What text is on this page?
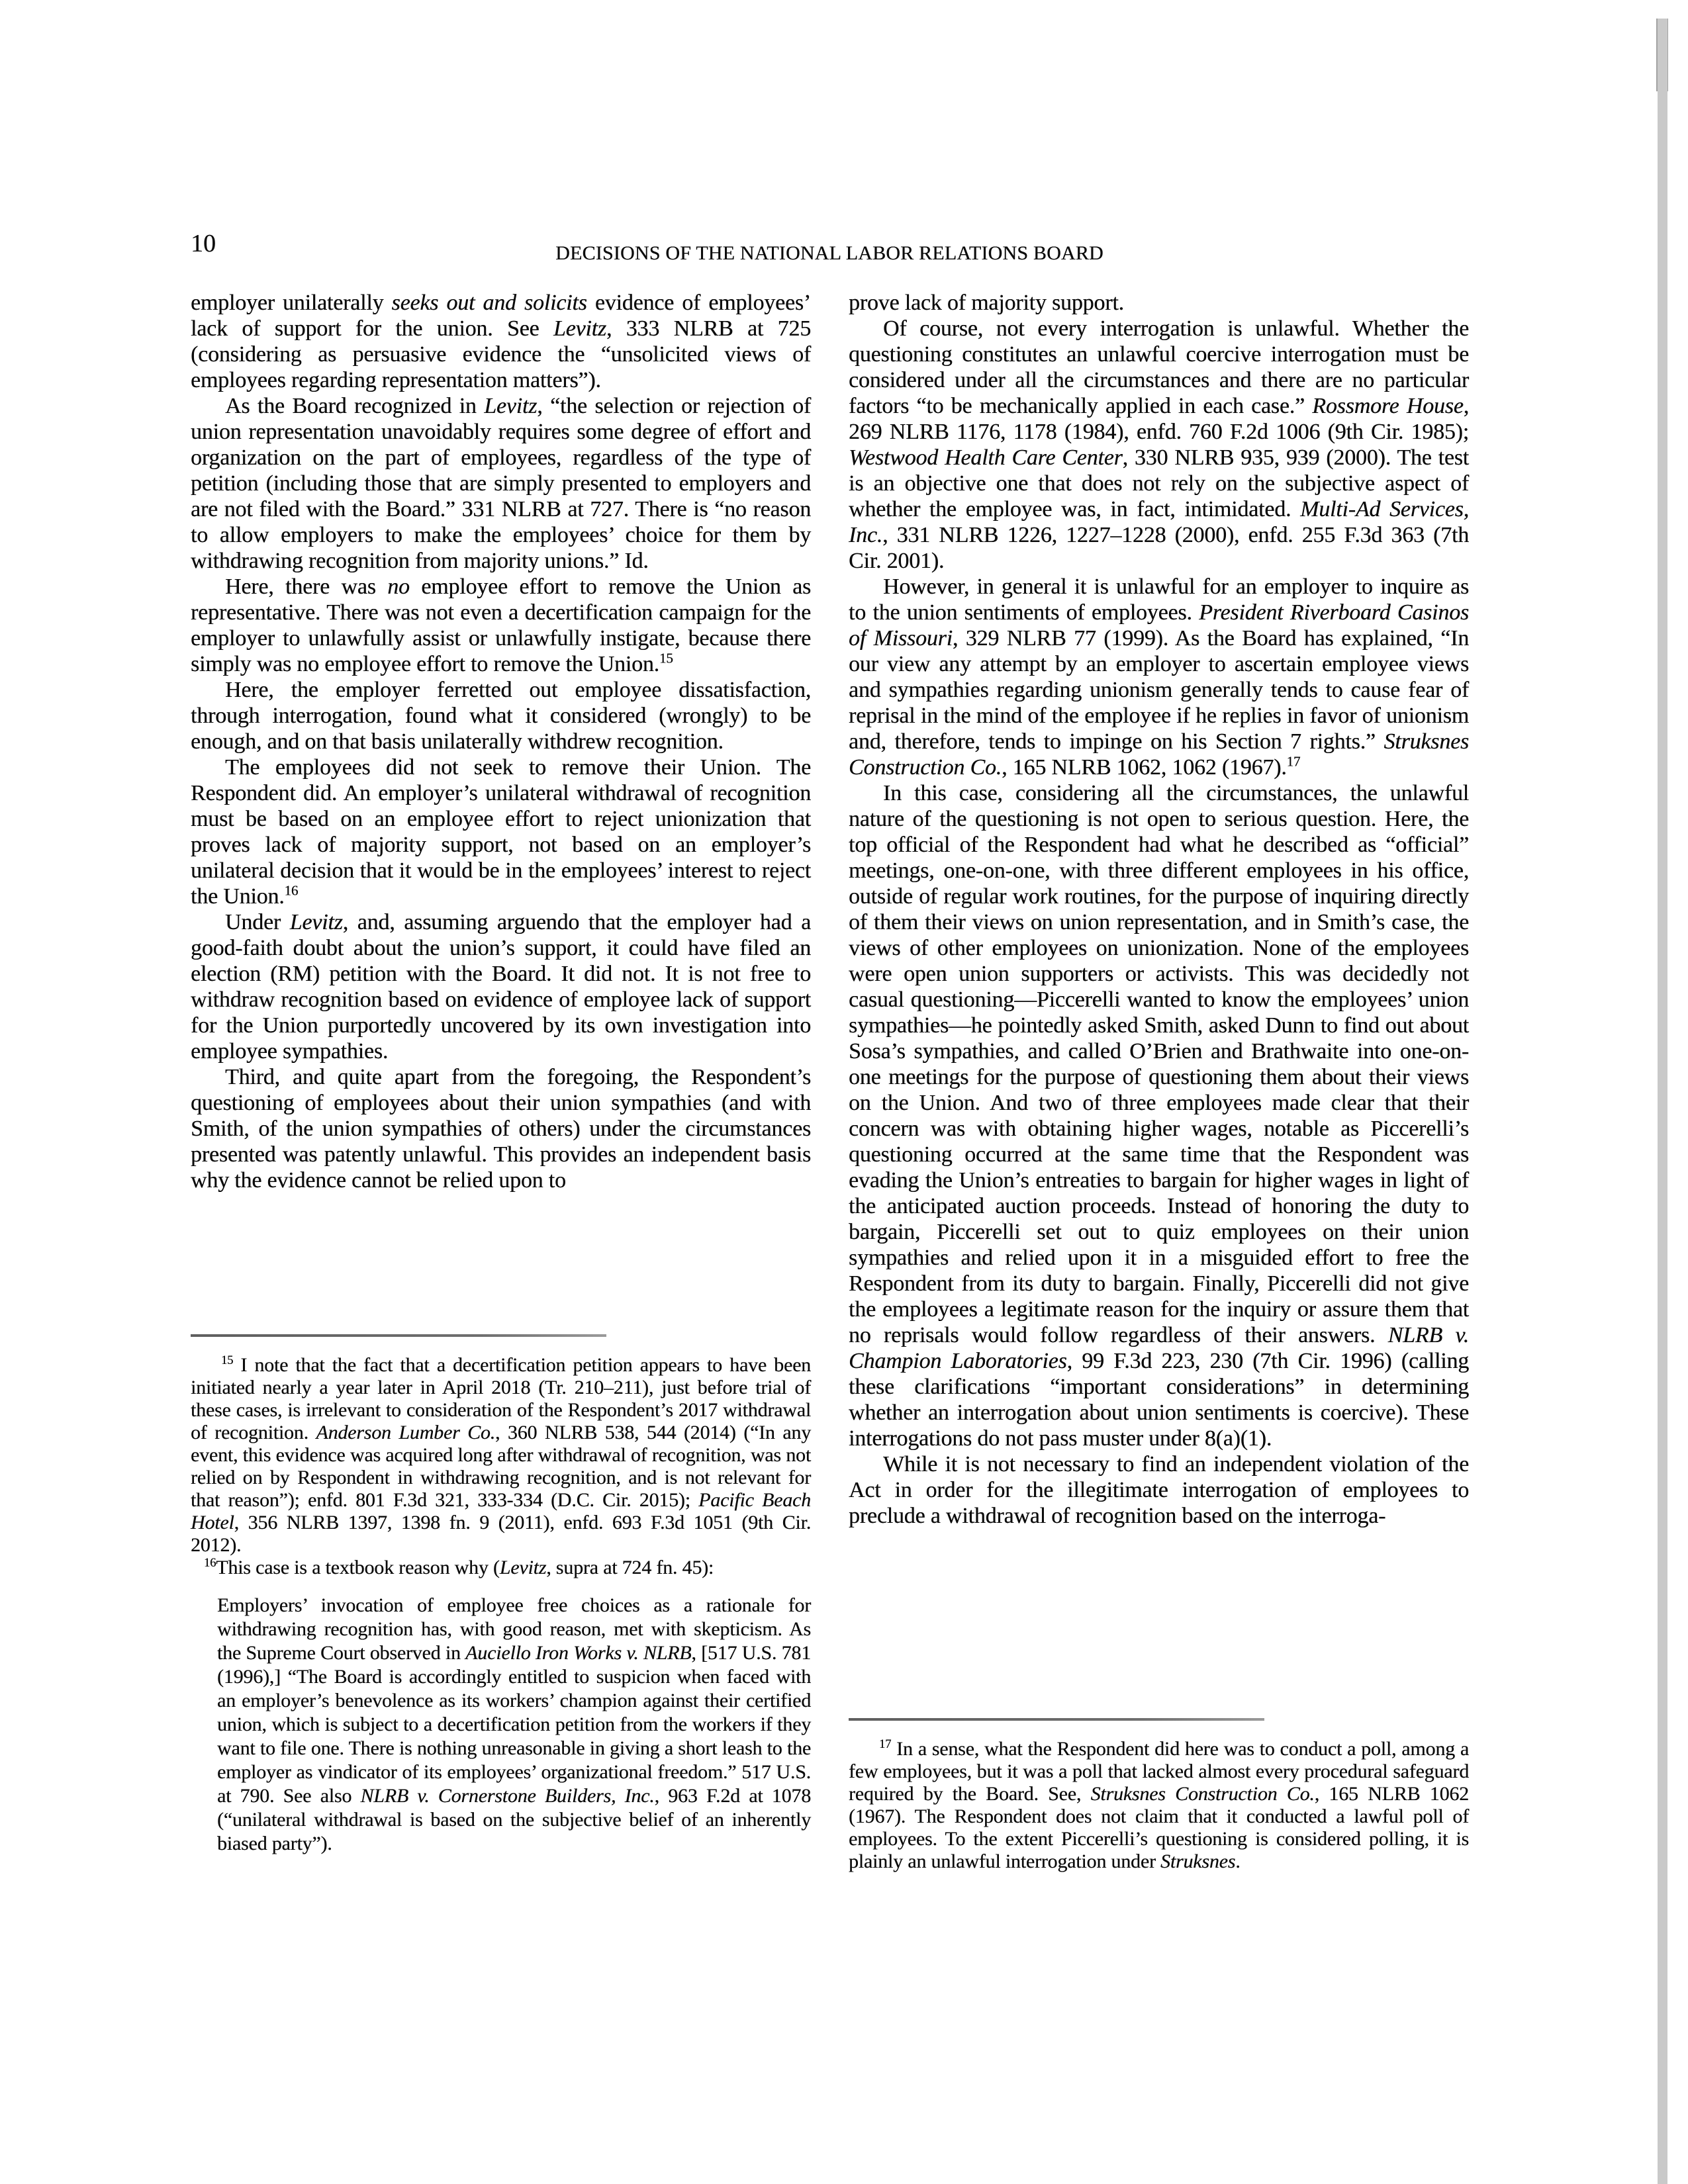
10	DECISIONS OF THE NATIONAL LABOR RELATIONS BOARD

employer unilaterally seeks out and solicits evidence of employees’ lack of support for the union. See Levitz, 333 NLRB at 725 (considering as persuasive evidence the “unsolicited views of employees regarding representation matters”).

As the Board recognized in Levitz, “the selection or rejection of union representation unavoidably requires some degree of effort and organization on the part of employees, regardless of the type of petition (including those that are simply presented to employers and are not filed with the Board.” 331 NLRB at 727. There is “no reason to allow employers to make the employees’ choice for them by withdrawing recognition from majority unions.” Id.

Here, there was no employee effort to remove the Union as representative. There was not even a decertification campaign for the employer to unlawfully assist or unlawfully instigate, because there simply was no employee effort to remove the Union.$^{15}$

Here, the employer ferretted out employee dissatisfaction, through interrogation, found what it considered (wrongly) to be enough, and on that basis unilaterally withdrew recognition.

The employees did not seek to remove their Union. The Respondent did. An employer’s unilateral withdrawal of recognition must be based on an employee effort to reject unionization that proves lack of majority support, not based on an employer’s unilateral decision that it would be in the employees’ interest to reject the Union.$^{16}$

Under Levitz, and, assuming arguendo that the employer had a good-faith doubt about the union’s support, it could have filed an election (RM) petition with the Board. It did not. It is not free to withdraw recognition based on evidence of employee lack of support for the Union purportedly uncovered by its own investigation into employee sympathies.

Third, and quite apart from the foregoing, the Respondent’s questioning of employees about their union sympathies (and with Smith, of the union sympathies of others) under the circumstances presented was patently unlawful. This provides an independent basis why the evidence cannot be relied upon to

prove lack of majority support.

Of course, not every interrogation is unlawful. Whether the questioning constitutes an unlawful coercive interrogation must be considered under all the circumstances and there are no particular factors “to be mechanically applied in each case.” Rossmore House, 269 NLRB 1176, 1178 (1984), enfd. 760 F.2d 1006 (9th Cir. 1985); Westwood Health Care Center, 330 NLRB 935, 939 (2000). The test is an objective one that does not rely on the subjective aspect of whether the employee was, in fact, intimidated. Multi-Ad Services, Inc., 331 NLRB 1226, 1227–1228 (2000), enfd. 255 F.3d 363 (7th Cir. 2001).

However, in general it is unlawful for an employer to inquire as to the union sentiments of employees. President Riverboard Casinos of Missouri, 329 NLRB 77 (1999). As the Board has explained, “In our view any attempt by an employer to ascertain employee views and sympathies regarding unionism generally tends to cause fear of reprisal in the mind of the employee if he replies in favor of unionism and, therefore, tends to impinge on his Section 7 rights.” Struksnes Construction Co., 165 NLRB 1062, 1062 (1967).$^{17}$

In this case, considering all the circumstances, the unlawful nature of the questioning is not open to serious question. Here, the top official of the Respondent had what he described as “official” meetings, one-on-one, with three different employees in his office, outside of regular work routines, for the purpose of inquiring directly of them their views on union representation, and in Smith’s case, the views of other employees on unionization. None of the employees were open union supporters or activists. This was decidedly not casual questioning—Piccerelli wanted to know the employees’ union sympathies—he pointedly asked Smith, asked Dunn to find out about Sosa’s sympathies, and called O’Brien and Brathwaite into one-on-one meetings for the purpose of questioning them about their views on the Union. And two of three employees made clear that their concern was with obtaining higher wages, notable as Piccerelli’s questioning occurred at the same time that the Respondent was evading the Union’s entreaties to bargain for higher wages in light of the anticipated auction proceeds. Instead of honoring the duty to bargain, Piccerelli set out to quiz employees on their union sympathies and relied upon it in a misguided effort to free the Respondent from its duty to bargain. Finally, Piccerelli did not give the employees a legitimate reason for the inquiry or assure them that no reprisals would follow regardless of their answers. NLRB v. Champion Laboratories, 99 F.3d 223, 230 (7th Cir. 1996) (calling these clarifications “important considerations” in determining whether an interrogation about union sentiments is coercive). These interrogations do not pass muster under 8(a)(1).

While it is not necessary to find an independent violation of the Act in order for the illegitimate interrogation of employees to preclude a withdrawal of recognition based on the interroga-

$^{15}$ I note that the fact that a decertification petition appears to have been initiated nearly a year later in April 2018 (Tr. 210–211), just before trial of these cases, is irrelevant to consideration of the Respondent’s 2017 withdrawal of recognition. Anderson Lumber Co., 360 NLRB 538, 544 (2014) (“In any event, this evidence was acquired long after withdrawal of recognition, was not relied on by Respondent in withdrawing recognition, and is not relevant for that reason”); enfd. 801 F.3d 321, 333-334 (D.C. Cir. 2015); Pacific Beach Hotel, 356 NLRB 1397, 1398 fn. 9 (2011), enfd. 693 F.3d 1051 (9th Cir. 2012).

$^{16}$This case is a textbook reason why (Levitz, supra at 724 fn. 45):

Employers’ invocation of employee free choices as a rationale for withdrawing recognition has, with good reason, met with skepticism. As the Supreme Court observed in Auciello Iron Works v. NLRB, [517 U.S. 781 (1996),] “The Board is accordingly entitled to suspicion when faced with an employer’s benevolence as its workers’ champion against their certified union, which is subject to a decertification petition from the workers if they want to file one. There is nothing unreasonable in giving a short leash to the employer as vindicator of its employees’ organizational freedom.” 517 U.S. at 790. See also NLRB v. Cornerstone Builders, Inc., 963 F.2d at 1078 (“unilateral withdrawal is based on the subjective belief of an inherently biased party”).

$^{17}$ In a sense, what the Respondent did here was to conduct a poll, among a few employees, but it was a poll that lacked almost every procedural safeguard required by the Board. See, Struksnes Construction Co., 165 NLRB 1062 (1967). The Respondent does not claim that it conducted a lawful poll of employees. To the extent Piccerelli’s questioning is considered polling, it is plainly an unlawful interrogation under Struksnes.
